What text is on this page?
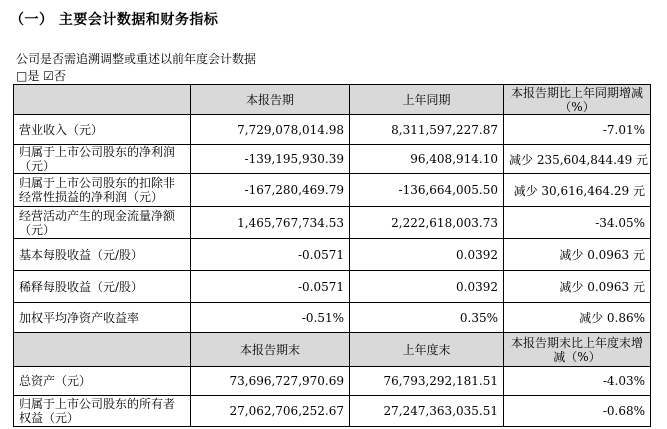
（一） 主要会计数据和财务指标
公司是否需追溯调整或重述以前年度会计数据
□是 ☑否
	本报告期	上年同期	本报告期比上年同期增减（%）
营业收入（元）	7,729,078,014.98	8,311,597,227.87	-7.01%
归属于上市公司股东的净利润（元）	-139,195,930.39	96,408,914.10	减少 235,604,844.49 元
归属于上市公司股东的扣除非经常性损益的净利润（元）	-167,280,469.79	-136,664,005.50	减少 30,616,464.29 元
经营活动产生的现金流量净额（元）	1,465,767,734.53	2,222,618,003.73	-34.05%
基本每股收益（元/股）	-0.0571	0.0392	减少 0.0963 元
稀释每股收益（元/股）	-0.0571	0.0392	减少 0.0963 元
加权平均净资产收益率	-0.51%	0.35%	减少 0.86%
	本报告期末	上年度末	本报告期末比上年度末增减（%）
总资产（元）	73,696,727,970.69	76,793,292,181.51	-4.03%
归属于上市公司股东的所有者权益（元）	27,062,706,252.67	27,247,363,035.51	-0.68%
